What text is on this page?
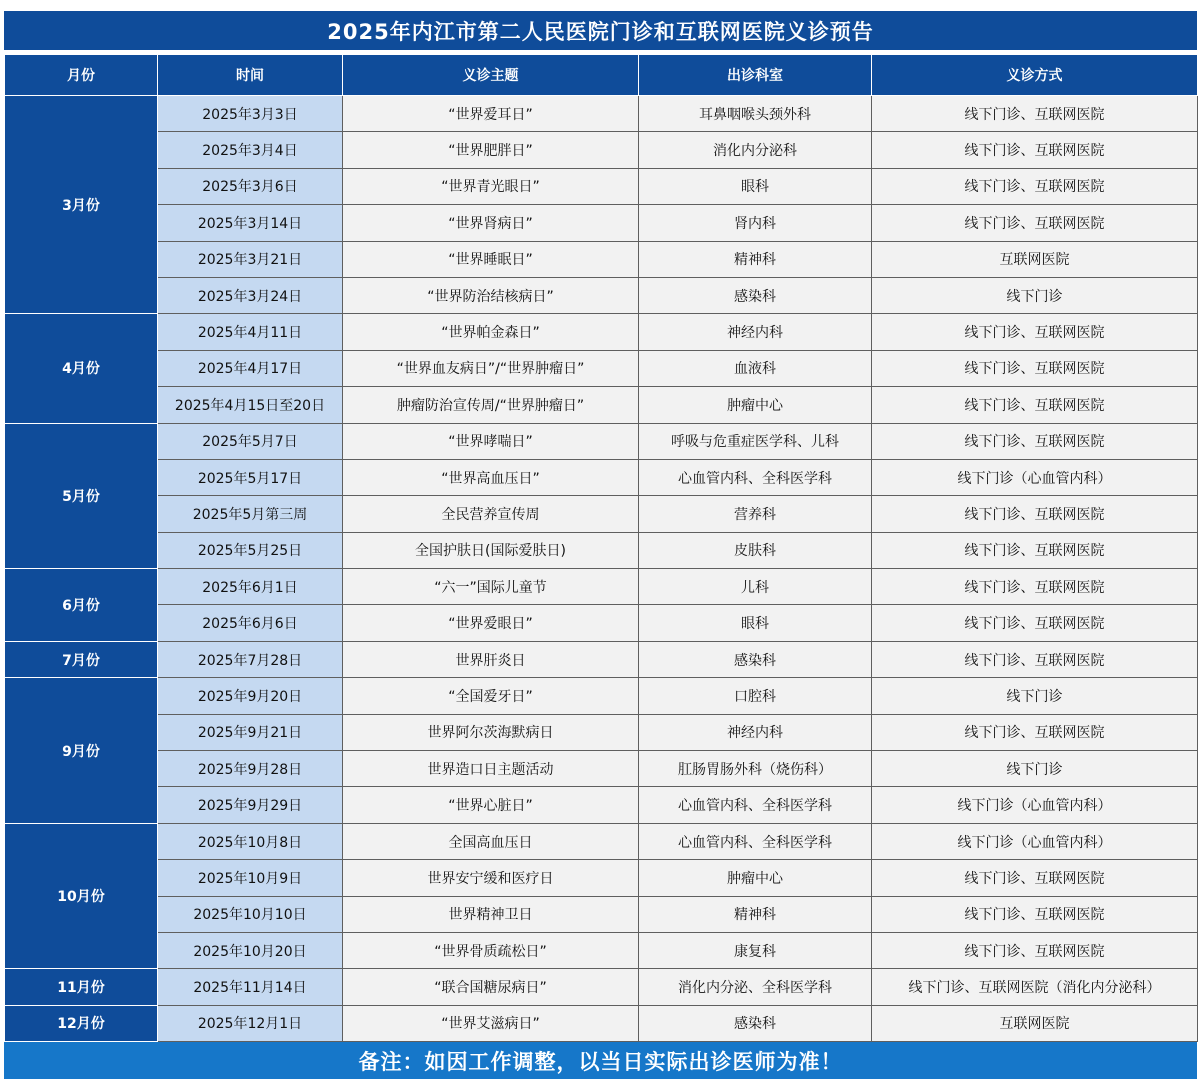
2025年内江市第二人民医院门诊和互联网医院义诊预告
月份	时间	义诊主题	出诊科室	义诊方式
3月份	2025年3月3日	“世界爱耳日”	耳鼻咽喉头颈外科	线下门诊、互联网医院
	2025年3月4日	“世界肥胖日”	消化内分泌科	线下门诊、互联网医院
	2025年3月6日	“世界青光眼日”	眼科	线下门诊、互联网医院
	2025年3月14日	“世界肾病日”	肾内科	线下门诊、互联网医院
	2025年3月21日	“世界睡眠日”	精神科	互联网医院
	2025年3月24日	“世界防治结核病日”	感染科	线下门诊
4月份	2025年4月11日	“世界帕金森日”	神经内科	线下门诊、互联网医院
	2025年4月17日	“世界血友病日”/“世界肿瘤日”	血液科	线下门诊、互联网医院
	2025年4月15日至20日	肿瘤防治宣传周/“世界肿瘤日”	肿瘤中心	线下门诊、互联网医院
5月份	2025年5月7日	“世界哮喘日”	呼吸与危重症医学科、儿科	线下门诊、互联网医院
	2025年5月17日	“世界高血压日”	心血管内科、全科医学科	线下门诊（心血管内科）
	2025年5月第三周	全民营养宣传周	营养科	线下门诊、互联网医院
	2025年5月25日	全国护肤日(国际爱肤日)	皮肤科	线下门诊、互联网医院
6月份	2025年6月1日	“六一”国际儿童节	儿科	线下门诊、互联网医院
	2025年6月6日	“世界爱眼日”	眼科	线下门诊、互联网医院
7月份	2025年7月28日	世界肝炎日	感染科	线下门诊、互联网医院
9月份	2025年9月20日	“全国爱牙日”	口腔科	线下门诊
	2025年9月21日	世界阿尔茨海默病日	神经内科	线下门诊、互联网医院
	2025年9月28日	世界造口日主题活动	肛肠胃肠外科（烧伤科）	线下门诊
	2025年9月29日	“世界心脏日”	心血管内科、全科医学科	线下门诊（心血管内科）
10月份	2025年10月8日	全国高血压日	心血管内科、全科医学科	线下门诊（心血管内科）
	2025年10月9日	世界安宁缓和医疗日	肿瘤中心	线下门诊、互联网医院
	2025年10月10日	世界精神卫日	精神科	线下门诊、互联网医院
	2025年10月20日	“世界骨质疏松日”	康复科	线下门诊、互联网医院
11月份	2025年11月14日	“联合国糖尿病日”	消化内分泌、全科医学科	线下门诊、互联网医院（消化内分泌科）
12月份	2025年12月1日	“世界艾滋病日”	感染科	互联网医院
备注：如因工作调整，以当日实际出诊医师为准！
